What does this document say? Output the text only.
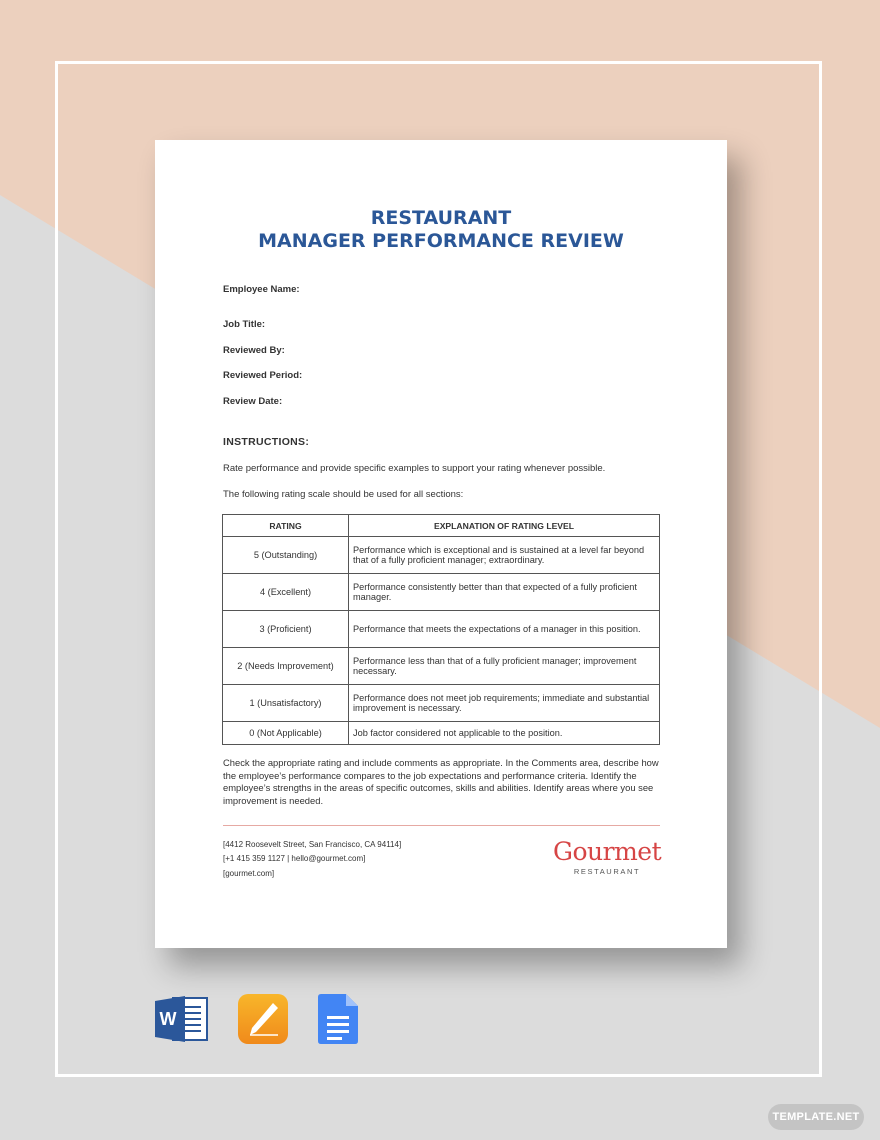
RESTAURANT
MANAGER PERFORMANCE REVIEW
Employee Name:
Job Title:
Reviewed By:
Reviewed Period:
Review Date:
INSTRUCTIONS:
Rate performance and provide specific examples to support your rating whenever possible.
The following rating scale should be used for all sections:
RATING	EXPLANATION OF RATING LEVEL
5 (Outstanding)	Performance which is exceptional and is sustained at a level far beyond that of a fully proficient manager; extraordinary.
4 (Excellent)	Performance consistently better than that expected of a fully proficient manager.
3 (Proficient)	Performance that meets the expectations of a manager in this position.
2 (Needs Improvement)	Performance less than that of a fully proficient manager; improvement necessary.
1 (Unsatisfactory)	Performance does not meet job requirements; immediate and substantial improvement is necessary.
0 (Not Applicable)	Job factor considered not applicable to the position.
Check the appropriate rating and include comments as appropriate. In the Comments area, describe how the employee’s performance compares to the job expectations and performance criteria. Identify the employee’s strengths in the areas of specific outcomes, skills and abilities. Identify areas where you see improvement is needed.
[4412 Roosevelt Street, San Francisco, CA 94114]
[+1 415 359 1127 | hello@gourmet.com]
[gourmet.com]
Gourmet
RESTAURANT
W
TEMPLATE.NET
